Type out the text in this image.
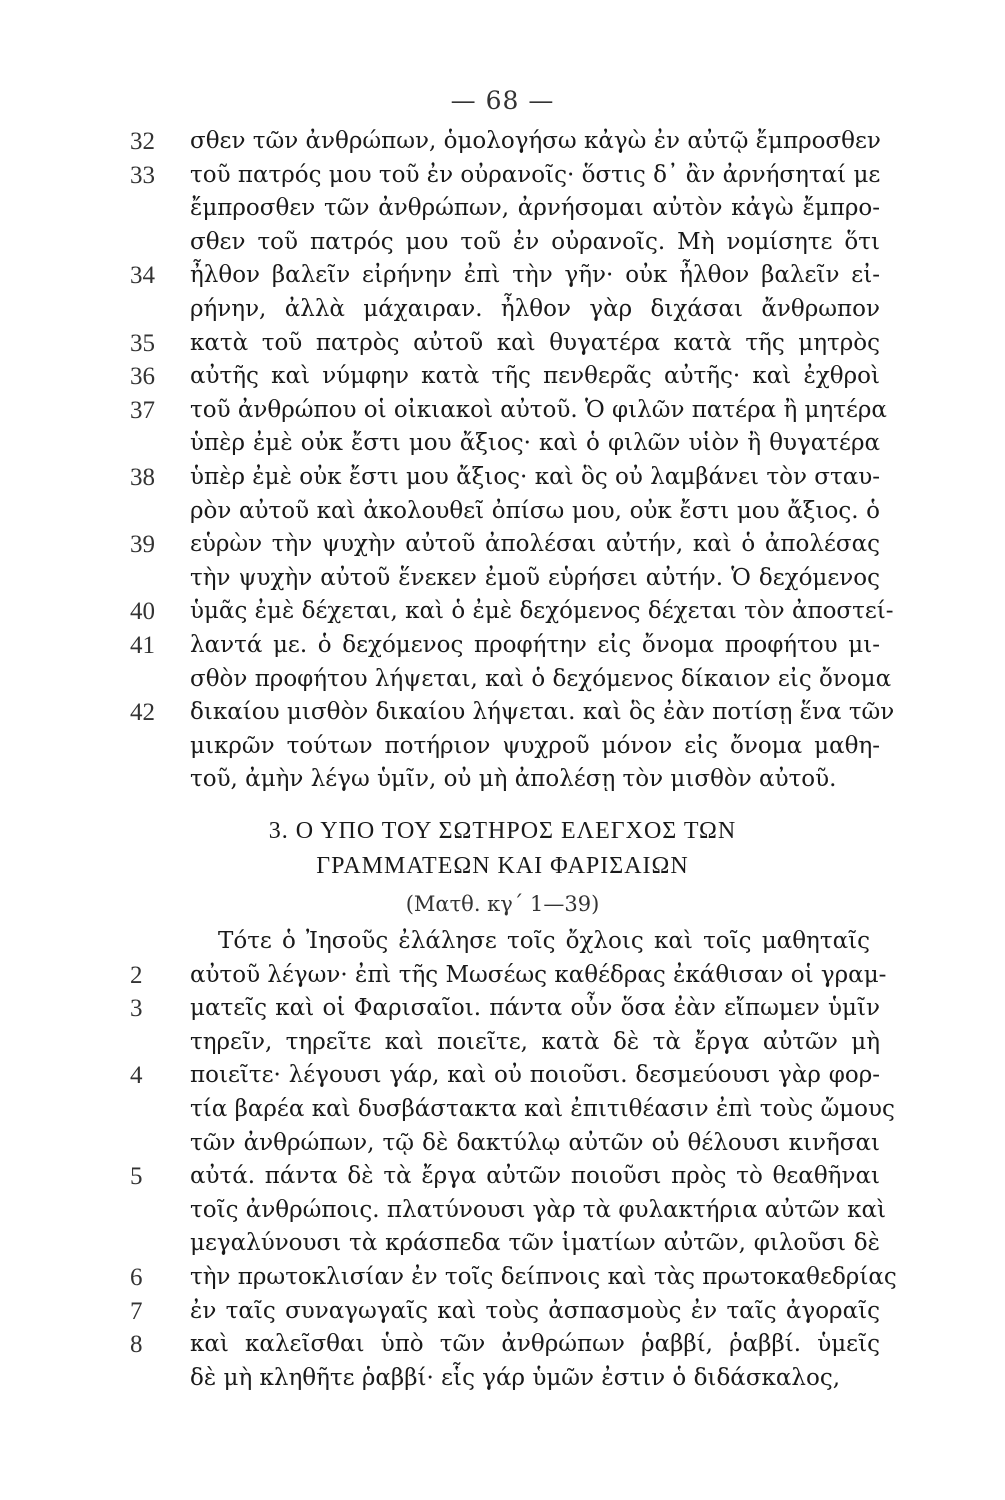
— 68 —
32	σθεν τῶν ἀνθρώπων, ὁμολογήσω κἀγὼ ἐν αὐτῷ ἔμπροσθεν
33	τοῦ πατρός μου τοῦ ἐν οὐρανοῖς· ὅστις δ᾽ ἂν ἀρνήσηταί με
ἔμπροσθεν τῶν ἀνθρώπων, ἀρνήσομαι αὐτὸν κἀγὼ ἔμπρο-
σθεν τοῦ πατρός μου τοῦ ἐν οὐρανοῖς. Μὴ νομίσητε ὅτι
34	ἦλθον βαλεῖν εἰρήνην ἐπὶ τὴν γῆν· οὐκ ἦλθον βαλεῖν εἰ-
ρήνην, ἀλλὰ μάχαιραν. ἦλθον γὰρ διχάσαι ἄνθρωπον
35	κατὰ τοῦ πατρὸς αὐτοῦ καὶ θυγατέρα κατὰ τῆς μητρὸς
36	αὐτῆς καὶ νύμφην κατὰ τῆς πενθερᾶς αὐτῆς· καὶ ἐχθροὶ
37	τοῦ ἀνθρώπου οἱ οἰκιακοὶ αὐτοῦ. Ὁ φιλῶν πατέρα ἢ μητέρα
ὑπὲρ ἐμὲ οὐκ ἔστι μου ἄξιος· καὶ ὁ φιλῶν υἱὸν ἢ θυγατέρα
38	ὑπὲρ ἐμὲ οὐκ ἔστι μου ἄξιος· καὶ ὃς οὐ λαμβάνει τὸν σταυ-
ρὸν αὐτοῦ καὶ ἀκολουθεῖ ὀπίσω μου, οὐκ ἔστι μου ἄξιος. ὁ
39	εὑρὼν τὴν ψυχὴν αὐτοῦ ἀπολέσαι αὐτήν, καὶ ὁ ἀπολέσας
τὴν ψυχὴν αὐτοῦ ἕνεκεν ἐμοῦ εὑρήσει αὐτήν. Ὁ δεχόμενος
40	ὑμᾶς ἐμὲ δέχεται, καὶ ὁ ἐμὲ δεχόμενος δέχεται τὸν ἀποστεί-
41	λαντά με. ὁ δεχόμενος προφήτην εἰς ὄνομα προφήτου μι-
σθὸν προφήτου λήψεται, καὶ ὁ δεχόμενος δίκαιον εἰς ὄνομα
42	δικαίου μισθὸν δικαίου λήψεται. καὶ ὃς ἐὰν ποτίσῃ ἕνα τῶν
μικρῶν τούτων ποτήριον ψυχροῦ μόνον εἰς ὄνομα μαθη-
τοῦ, ἀμὴν λέγω ὑμῖν, οὐ μὴ ἀπολέσῃ τὸν μισθὸν αὐτοῦ.
3. Ο ΥΠΟ ΤΟΥ ΣΩΤΗΡΟΣ ΕΛΕΓΧΟΣ ΤΩΝ
ΓΡΑΜΜΑΤΕΩΝ ΚΑΙ ΦΑΡΙΣΑΙΩΝ
(Ματθ. κγ΄ 1—39)
Τότε ὁ Ἰησοῦς ἐλάλησε τοῖς ὄχλοις καὶ τοῖς μαθηταῖς
2	αὐτοῦ λέγων· ἐπὶ τῆς Μωσέως καθέδρας ἐκάθισαν οἱ γραμ-
3	ματεῖς καὶ οἱ Φαρισαῖοι. πάντα οὖν ὅσα ἐὰν εἴπωμεν ὑμῖν
τηρεῖν, τηρεῖτε καὶ ποιεῖτε, κατὰ δὲ τὰ ἔργα αὐτῶν μὴ
4	ποιεῖτε· λέγουσι γάρ, καὶ οὐ ποιοῦσι. δεσμεύουσι γὰρ φορ-
τία βαρέα καὶ δυσβάστακτα καὶ ἐπιτιθέασιν ἐπὶ τοὺς ὤμους
τῶν ἀνθρώπων, τῷ δὲ δακτύλῳ αὐτῶν οὐ θέλουσι κινῆσαι
5	αὐτά. πάντα δὲ τὰ ἔργα αὐτῶν ποιοῦσι πρὸς τὸ θεαθῆναι
τοῖς ἀνθρώποις. πλατύνουσι γὰρ τὰ φυλακτήρια αὐτῶν καὶ
μεγαλύνουσι τὰ κράσπεδα τῶν ἱματίων αὐτῶν, φιλοῦσι δὲ
6	τὴν πρωτοκλισίαν ἐν τοῖς δείπνοις καὶ τὰς πρωτοκαθεδρίας
7	ἐν ταῖς συναγωγαῖς καὶ τοὺς ἀσπασμοὺς ἐν ταῖς ἀγοραῖς
8	καὶ καλεῖσθαι ὑπὸ τῶν ἀνθρώπων ῥαββί, ῥαββί. ὑμεῖς
δὲ μὴ κληθῆτε ῥαββί· εἷς γάρ ὑμῶν ἐστιν ὁ διδάσκαλος,
